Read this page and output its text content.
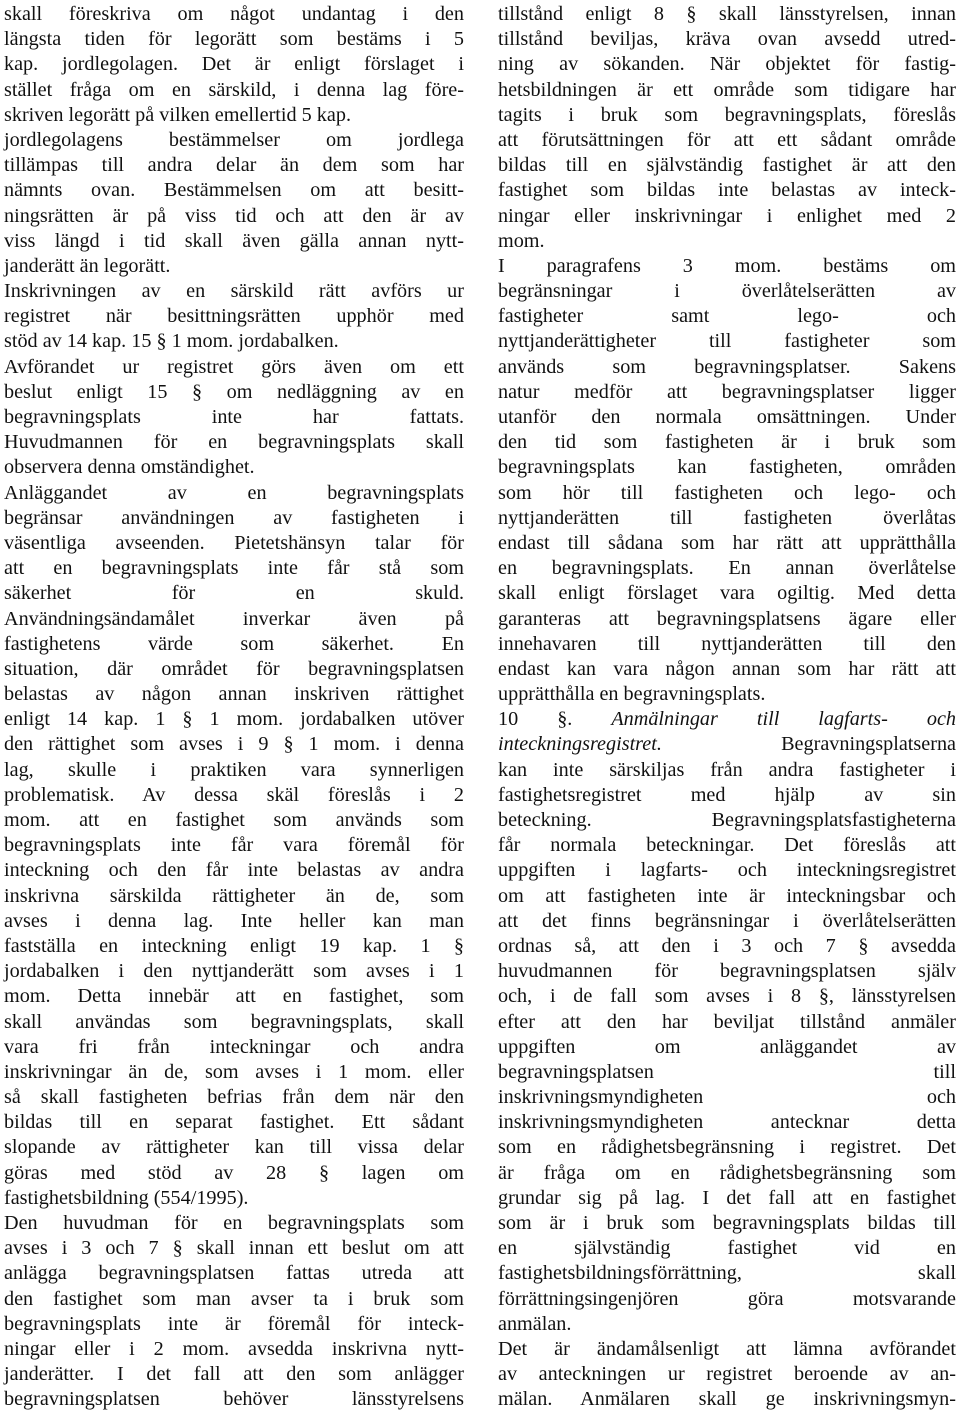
skall föreskriva om något undantag i den
längsta tiden för legorätt som bestäms i 5
kap. jordlegolagen. Det är enligt förslaget i
stället fråga om en särskild, i denna lag före-
skriven legorätt på vilken emellertid 5 kap.
jordlegolagens bestämmelser om jordlega
tillämpas till andra delar än dem som har
nämnts ovan. Bestämmelsen om att besitt-
ningsrätten är på viss tid och att den är av
viss längd i tid skall även gälla annan nytt-
janderätt än legorätt.
Inskrivningen av en särskild rätt avförs ur
registret när besittningsrätten upphör med
stöd av 14 kap. 15 § 1 mom. jordabalken.
Avförandet ur registret görs även om ett
beslut enligt 15 § om nedläggning av en
begravningsplats inte har fattats.
Huvudmannen för en begravningsplats skall
observera denna omständighet.
Anläggandet av en begravningsplats
begränsar användningen av fastigheten i
väsentliga avseenden. Pietetshänsyn talar för
att en begravningsplats inte får stå som
säkerhet för en skuld.
Användningsändamålet inverkar även på
fastighetens värde som säkerhet. En
situation, där området för begravningsplatsen
belastas av någon annan inskriven rättighet
enligt 14 kap. 1 § 1 mom. jordabalken utöver
den rättighet som avses i 9 § 1 mom. i denna
lag, skulle i praktiken vara synnerligen
problematisk. Av dessa skäl föreslås i 2
mom. att en fastighet som används som
begravningsplats inte får vara föremål för
inteckning och den får inte belastas av andra
inskrivna särskilda rättigheter än de, som
avses i denna lag. Inte heller kan man
fastställa en inteckning enligt 19 kap. 1 §
jordabalken i den nyttjanderätt som avses i 1
mom. Detta innebär att en fastighet, som
skall användas som begravningsplats, skall
vara fri från inteckningar och andra
inskrivningar än de, som avses i 1 mom. eller
så skall fastigheten befrias från dem när den
bildas till en separat fastighet. Ett sådant
slopande av rättigheter kan till vissa delar
göras med stöd av 28 § lagen om
fastighetsbildning (554/1995).
Den huvudman för en begravningsplats som
avses i 3 och 7 § skall innan ett beslut om att
anlägga begravningsplatsen fattas utreda att
den fastighet som man avser ta i bruk som
begravningsplats inte är föremål för inteck-
ningar eller i 2 mom. avsedda inskrivna nytt-
janderätter. I det fall att den som anlägger
begravningsplatsen behöver länsstyrelsens
tillstånd enligt 8 § skall länsstyrelsen, innan
tillstånd beviljas, kräva ovan avsedd utred-
ning av sökanden. När objektet för fastig-
hetsbildningen är ett område som tidigare har
tagits i bruk som begravningsplats, föreslås
att förutsättningen för att ett sådant område
bildas till en självständig fastighet är att den
fastighet som bildas inte belastas av inteck-
ningar eller inskrivningar i enlighet med 2
mom.
I paragrafens 3 mom. bestäms om
begränsningar i överlåtelserätten av
fastigheter samt lego- och
nyttjanderättigheter till fastigheter som
används som begravningsplatser. Sakens
natur medför att begravningsplatser ligger
utanför den normala omsättningen. Under
den tid som fastigheten är i bruk som
begravningsplats kan fastigheten, områden
som hör till fastigheten och lego- och
nyttjanderätten till fastigheten överlåtas
endast till sådana som har rätt att upprätthålla
en begravningsplats. En annan överlåtelse
skall enligt förslaget vara ogiltig. Med detta
garanteras att begravningsplatsens ägare eller
innehavaren till nyttjanderätten till den
endast kan vara någon annan som har rätt att
upprätthålla en begravningsplats.
10 §. Anmälningar till lagfarts- och
inteckningsregistret. Begravningsplatserna
kan inte särskiljas från andra fastigheter i
fastighetsregistret med hjälp av sin
beteckning. Begravningsplatsfastigheterna
får normala beteckningar. Det föreslås att
uppgiften i lagfarts- och inteckningsregistret
om att fastigheten inte är inteckningsbar och
att det finns begränsningar i överlåtelserätten
ordnas så, att den i 3 och 7 § avsedda
huvudmannen för begravningsplatsen själv
och, i de fall som avses i 8 §, länsstyrelsen
efter att den har beviljat tillstånd anmäler
uppgiften om anläggandet av
begravningsplatsen till
inskrivningsmyndigheten och
inskrivningsmyndigheten antecknar detta
som en rådighetsbegränsning i registret. Det
är fråga om en rådighetsbegränsning som
grundar sig på lag. I det fall att en fastighet
som är i bruk som begravningsplats bildas till
en självständig fastighet vid en
fastighetsbildningsförrättning, skall
förrättningsingenjören göra motsvarande
anmälan.
Det är ändamålsenligt att lämna avförandet
av anteckningen ur registret beroende av an-
mälan. Anmälaren skall ge inskrivningsmyn-
